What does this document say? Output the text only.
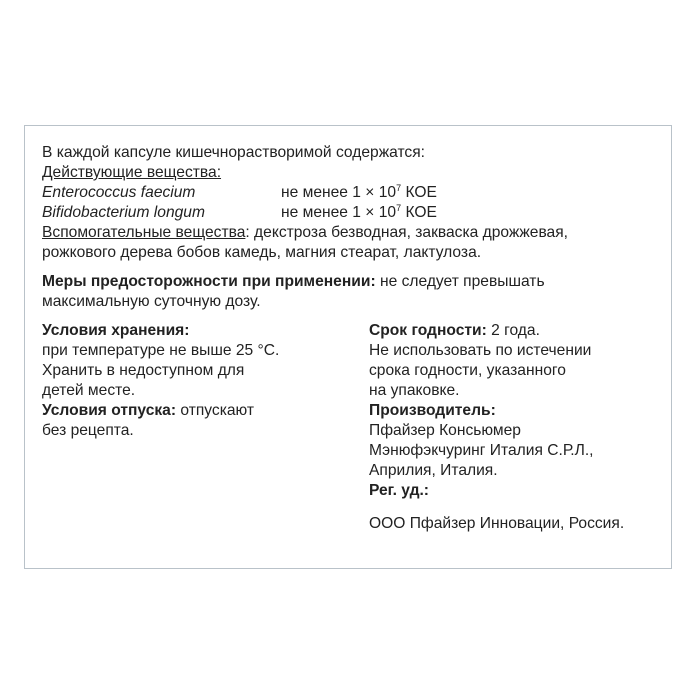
В каждой капсуле кишечнорастворимой содержатся:
Действующие вещества:
Enterococcus faecium	не менее $1 \times 10^7$ КОЕ
Bifidobacterium longum	не менее $1 \times 10^7$ КОЕ
Вспомогательные вещества: декстроза безводная, закваска дрожжевая,
рожкового дерева бобов камедь, магния стеарат, лактулоза.
Меры предосторожности при применении: не следует превышать
максимальную суточную дозу.
Условия хранения:
при температуре не выше 25 °С.
Хранить в недоступном для
детей месте.
Условия отпуска: отпускают
без рецепта.
Срок годности: 2 года.
Не использовать по истечении
срока годности, указанного
на упаковке.
Производитель:
Пфайзер Консьюмер
Мэнюфэкчуринг Италия С.Р.Л.,
Априлия, Италия.
Рег. уд.:
ООО Пфайзер Инновации, Россия.
